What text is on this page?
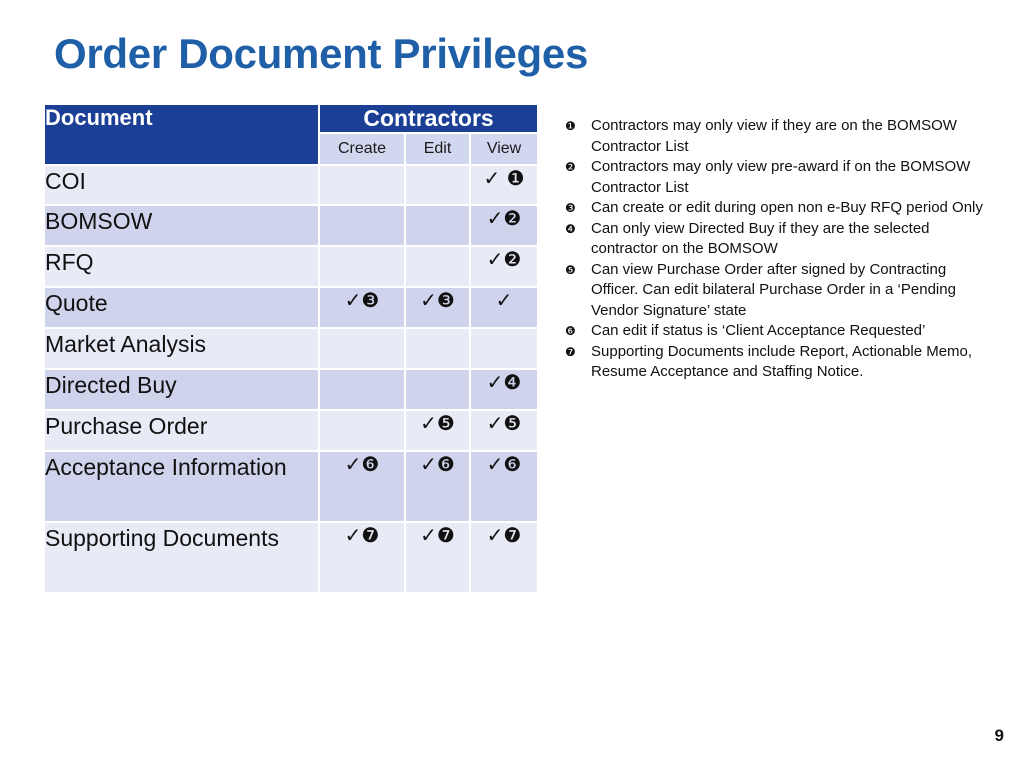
Order Document Privileges
Document	Contractors		
	Create	Edit	View
COI			✓ ❶
BOMSOW			✓❷
RFQ			✓❷
Quote	✓❸	✓❸	✓
Market Analysis			
Directed Buy			✓❹
Purchase Order		✓❺	✓❺
Acceptance Information	✓❻	✓❻	✓❻
Supporting Documents	✓❼	✓❼	✓❼
❶	Contractors may only view if they are on the BOMSOW Contractor List
❷	Contractors may only view pre-award if on the BOMSOW Contractor List
❸	Can create or edit during open non e-Buy RFQ period Only
❹	Can only view Directed Buy if they are the selected contractor on the BOMSOW
❺	Can view Purchase Order after signed by Contracting Officer. Can edit bilateral Purchase Order in a ‘Pending Vendor Signature’ state
❻	Can edit if status is ‘Client Acceptance Requested’
❼	Supporting Documents include Report, Actionable Memo, Resume Acceptance and Staffing Notice.
9
